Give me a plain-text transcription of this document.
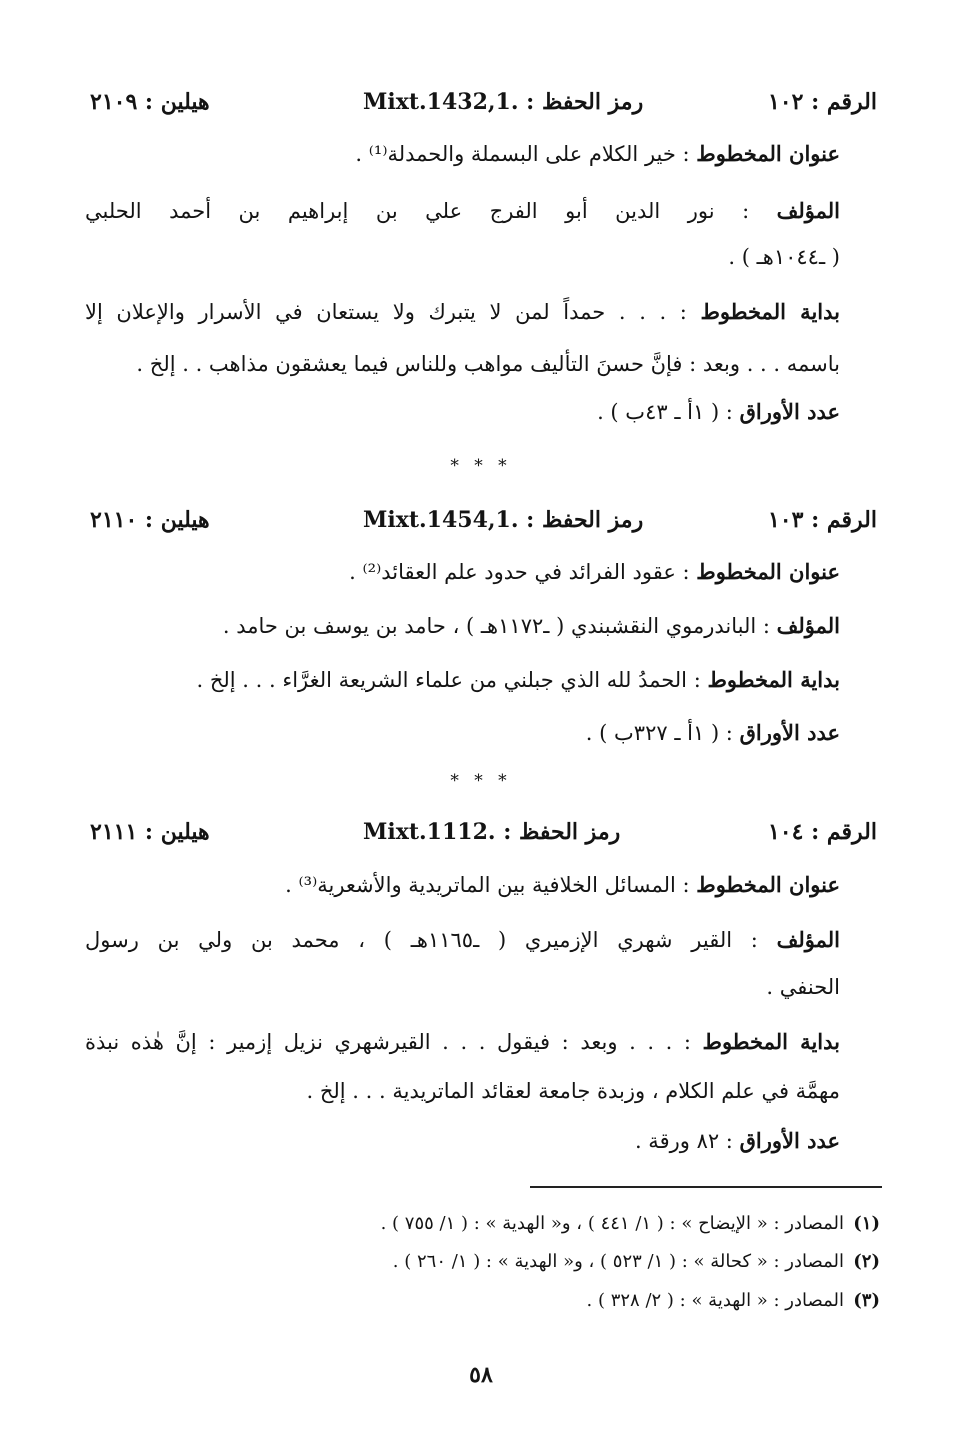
الرقم : ١٠٢
رمز الحفظ : .Mixt.1432,1
هيلين : ٢١٠٩
عنوان المخطوط : خير الكلام على البسملة والحمدلة⁽¹⁾ .
المؤلف : نور الدين أبو الفرج علي بن إبراهيم بن أحمد الحلبي
( ـ١٠٤٤هـ ) .
بداية المخطوط : . . . حمداً لمن لا يتبرك ولا يستعان في الأسرار والإعلان إلا
باسمه . . . وبعد : فإنَّ حسنَ التأليف مواهب وللناس فيما يعشقون مذاهب . . إلخ .
عدد الأوراق : ( ١أ ـ ٤٣ب ) .
* * *
الرقم : ١٠٣
رمز الحفظ : .Mixt.1454,1
هيلين : ٢١١٠
عنوان المخطوط : عقود الفرائد في حدود علم العقائد⁽²⁾ .
المؤلف : الباندرموي النقشبندي ( ـ١١٧٢هـ ) ، حامد بن يوسف بن حامد .
بداية المخطوط : الحمدُ لله الذي جبلني من علماء الشريعة الغرَّاء . . . إلخ .
عدد الأوراق : ( ١أ ـ ٣٢٧ب ) .
* * *
الرقم : ١٠٤
رمز الحفظ : .Mixt.1112
هيلين : ٢١١١
عنوان المخطوط : المسائل الخلافية بين الماتريدية والأشعرية⁽³⁾ .
المؤلف : القير شهري الإزميري ( ـ١١٦٥هـ ) ، محمد بن ولي بن رسول
الحنفي .
بداية المخطوط : . . . وبعد : فيقول . . . القيرشهري نزيل إزمير : إنَّ هٰذه نبذة
مهمَّة في علم الكلام ، وزبدة جامعة لعقائد الماتريدية . . . إلخ .
عدد الأوراق : ٨٢ ورقة .
(١)المصادر : « الإيضاح » : ( ١/ ٤٤١ ) ، و« الهدية » : ( ١/ ٧٥٥ ) .
(٢)المصادر : « كحالة » : ( ١/ ٥٢٣ ) ، و« الهدية » : ( ١/ ٢٦٠ ) .
(٣)المصادر : « الهدية » : ( ٢/ ٣٢٨ ) .
٥٨
